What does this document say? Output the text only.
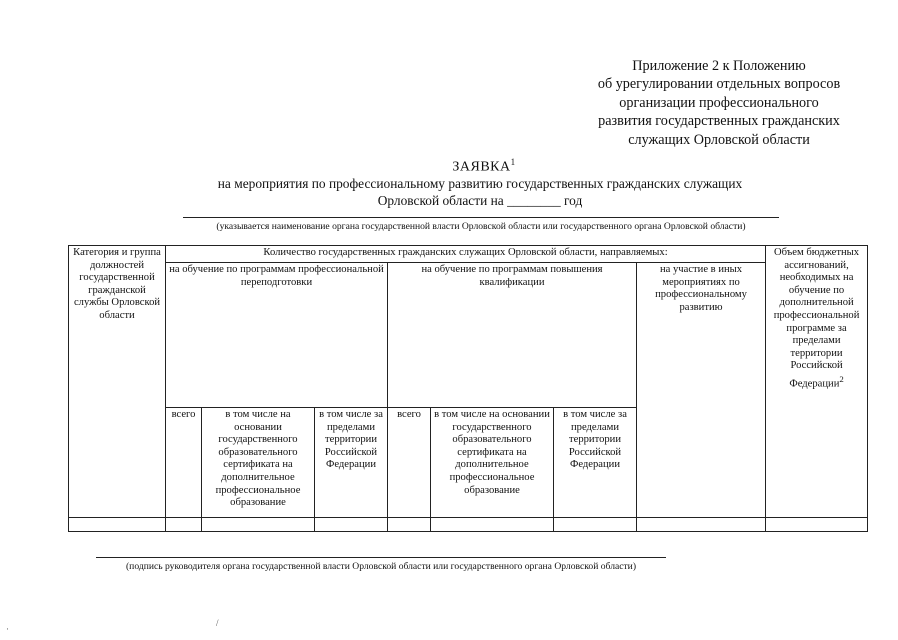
Приложение 2 к Положению
об урегулировании отдельных вопросов
организации профессионального
развития государственных гражданских
служащих Орловской области
ЗАЯВКА$^1$
на мероприятия по профессиональному развитию государственных гражданских служащих
Орловской области на ________ год
(указывается наименование органа государственной власти Орловской области или государственного органа Орловской области)
Категория и группа должностей государственной гражданской службы Орловской области	Количество государственных гражданских служащих Орловской области, направляемых:							Объем бюджетных ассигнований, необходимых на обучение по дополнительной профессиональной программе за пределами территории Российской Федерации$^2$
	на обучение по программам профессиональной переподготовки			на обучение по программам повышения квалификации			на участие в иных мероприятиях по профессиональному развитию	
	всего	в том числе на основании государственного образовательного сертификата на дополнительное профессиональное образование	в том числе за пределами территории Российской Федерации	всего	в том числе на основании государственного образовательного сертификата на дополнительное профессиональное образование	в том числе за пределами территории Российской Федерации		

(подпись руководителя органа государственной власти Орловской области или государственного органа Орловской области)
·
/
